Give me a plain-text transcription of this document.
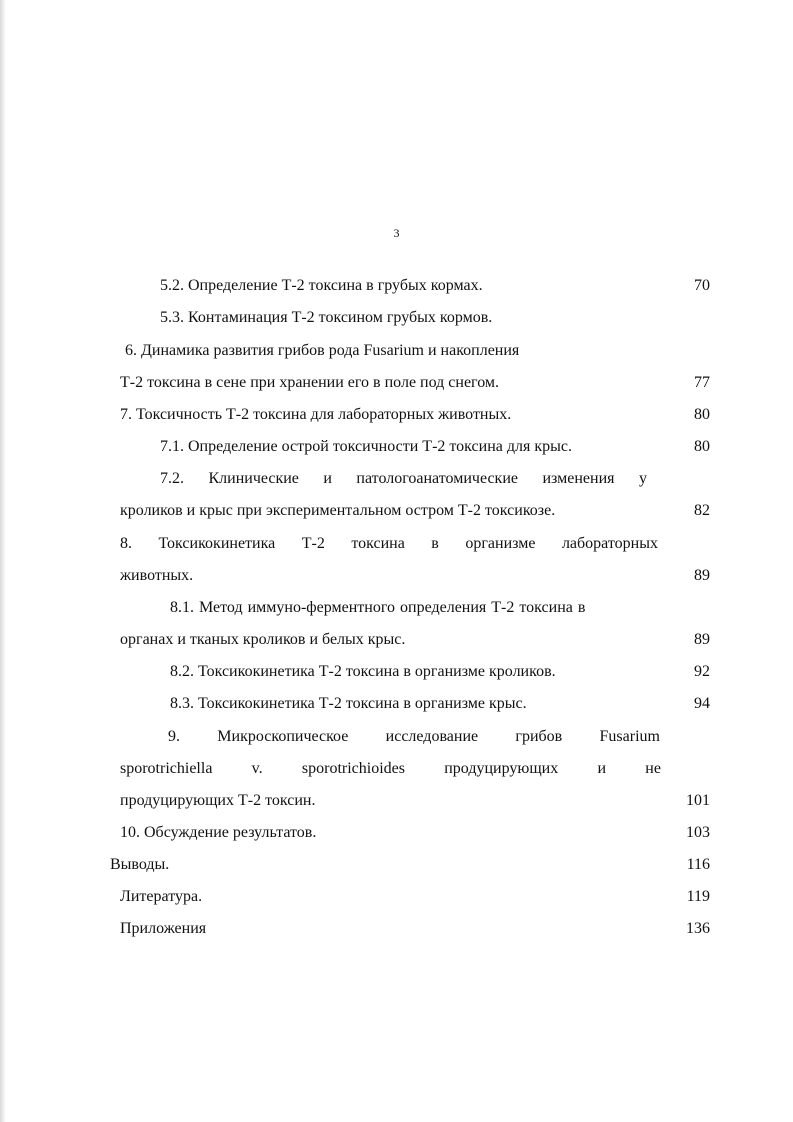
3
5.2. Определение Т-2 токсина в грубых кормах.	70
5.3. Контаминация Т-2 токсином грубых кормов.
6. Динамика развития грибов рода Fusarium и накопления
Т-2 токсина в сене при хранении его в поле под снегом.	77
7. Токсичность Т-2 токсина для лабораторных животных.	80
7.1. Определение острой токсичности Т-2 токсина для крыс.	80
7.2. Клинические и патологоанатомические изменения у
кроликов и крыс при экспериментальном остром Т-2 токсикозе.	82
8. Токсикокинетика Т-2 токсина в организме лабораторных
животных.	89
8.1. Метод иммуно-ферментного определения Т-2 токсина в
органах и тканых кроликов и белых крыс.	89
8.2. Токсикокинетика Т-2 токсина в организме кроликов.	92
8.3. Токсикокинетика Т-2 токсина в организме крыс.	94
9. Микроскопическое исследование грибов Fusarium
sporotrichiella v. sporotrichioides продуцирующих и не
продуцирующих Т-2 токсин.	101
10. Обсуждение результатов.	103
Выводы.	116
Литература.	119
Приложения	136
